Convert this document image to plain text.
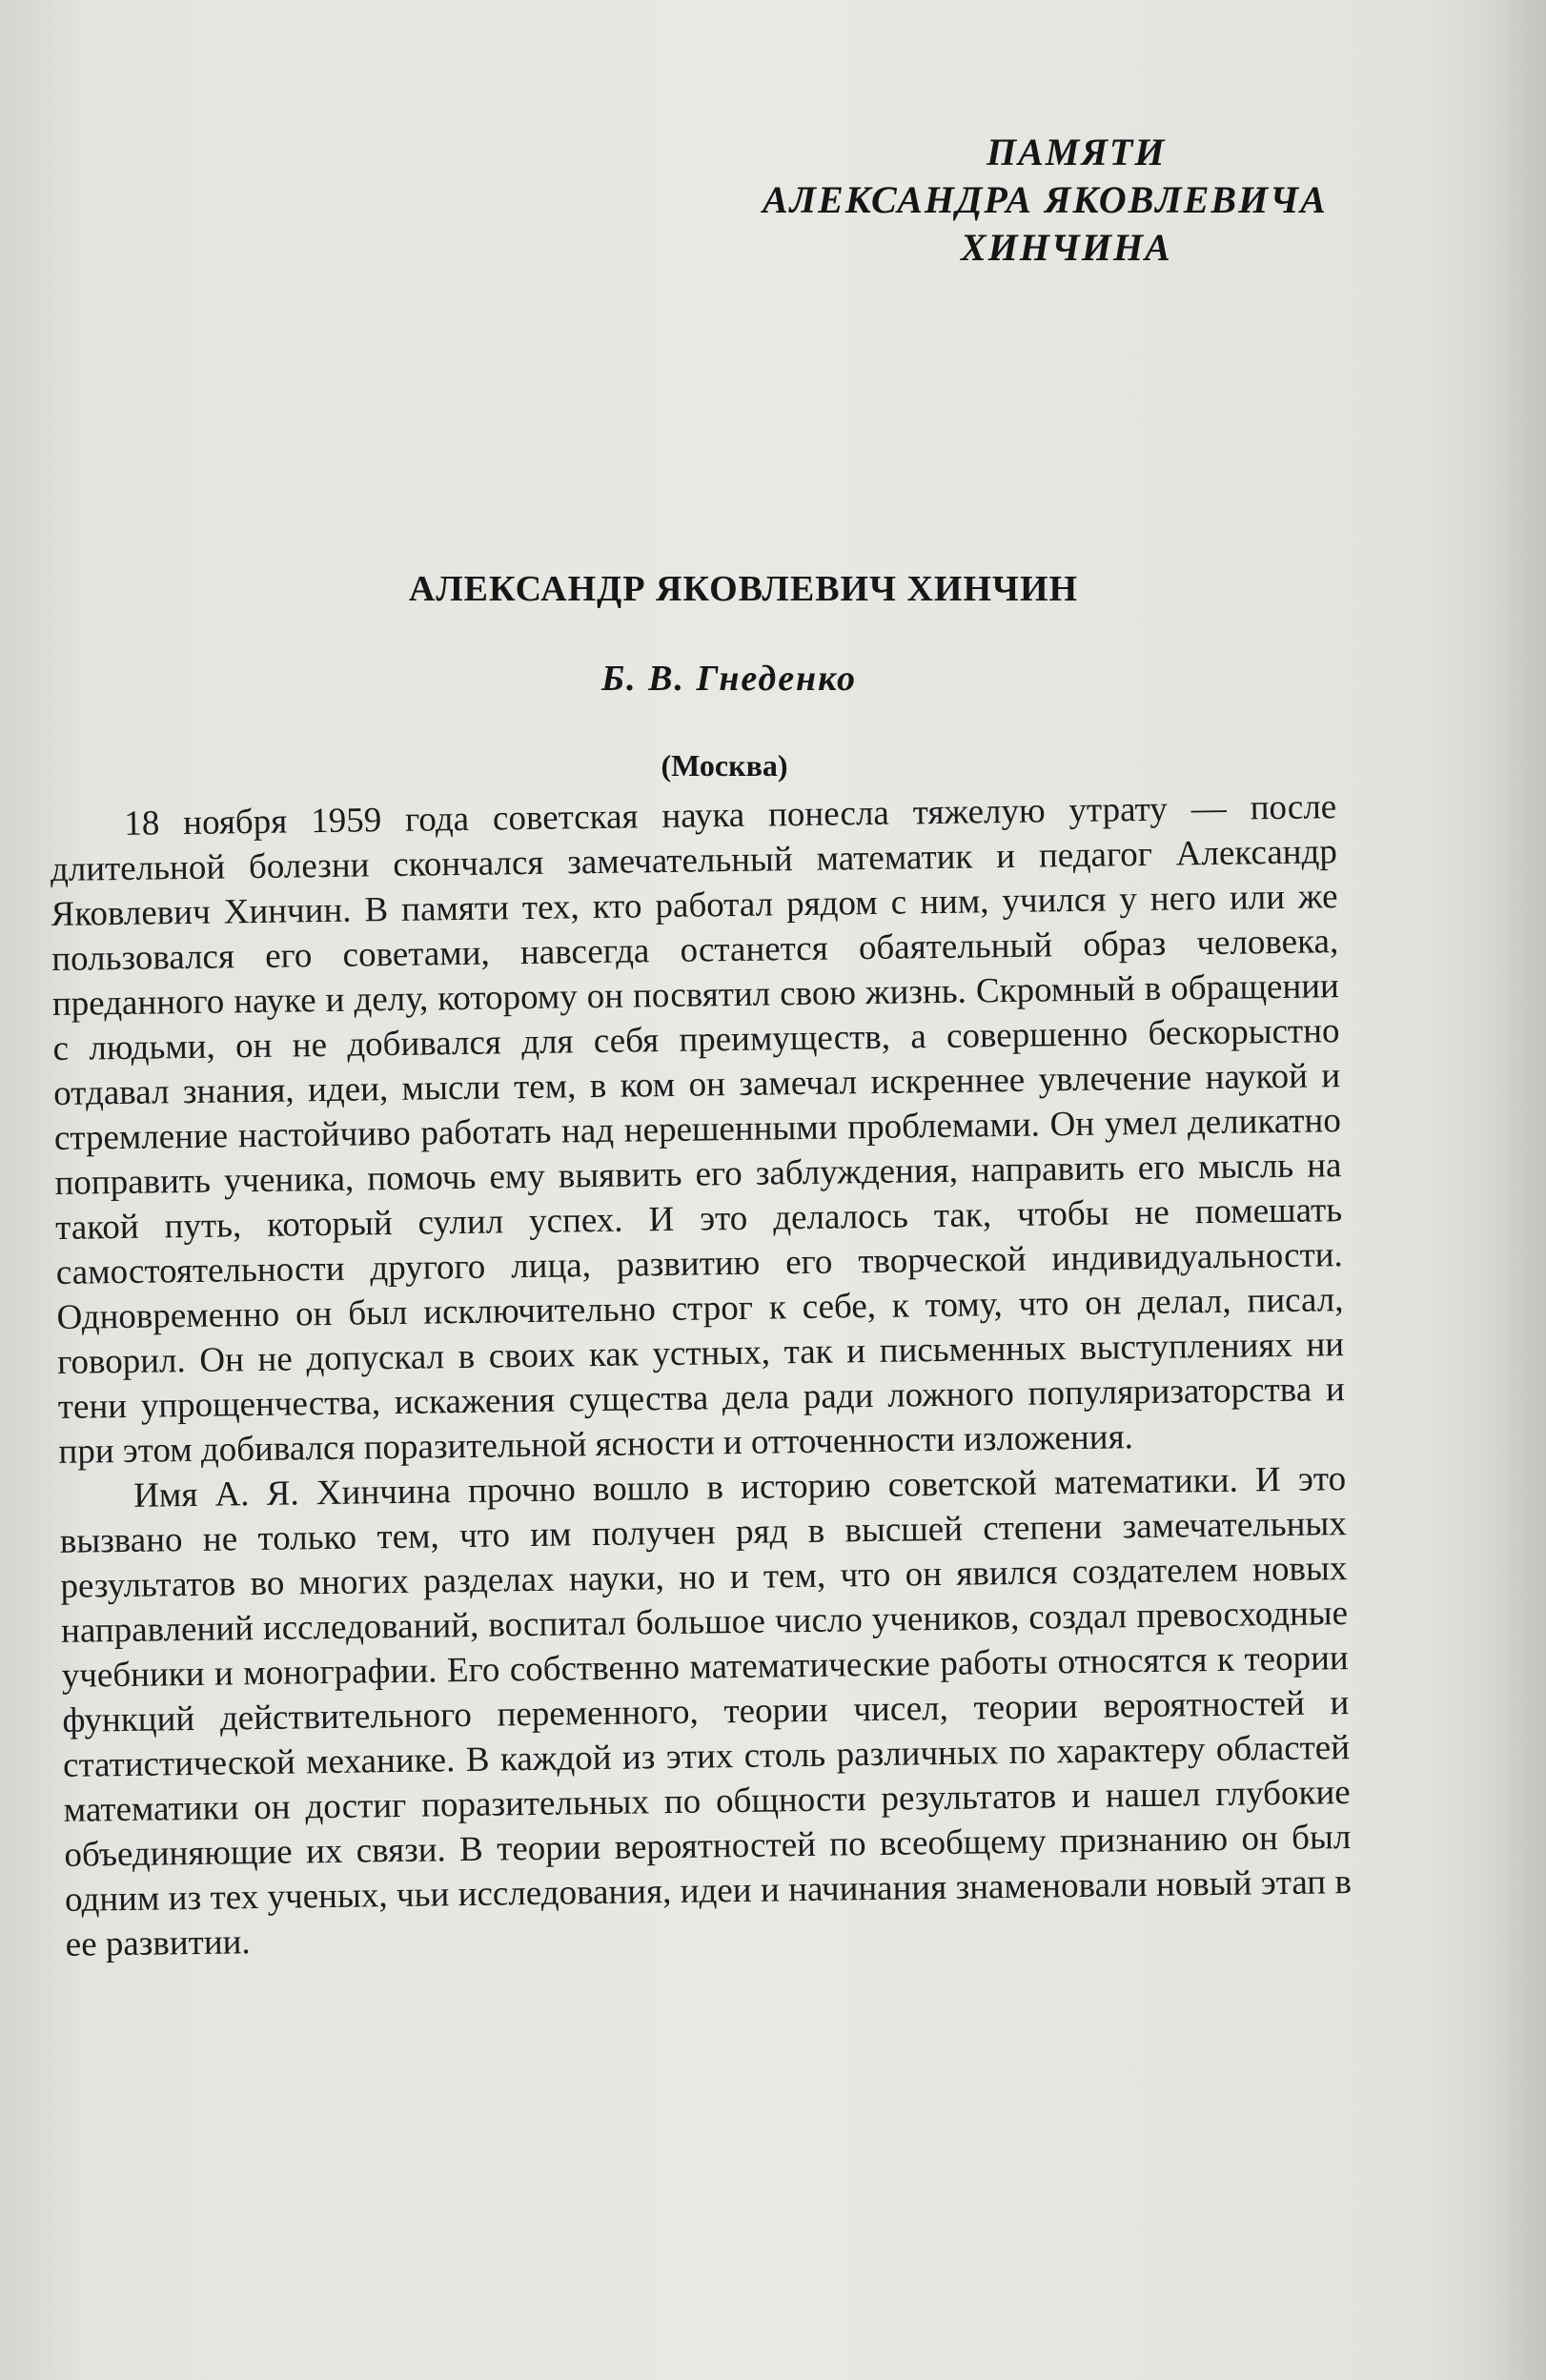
ПАМЯТИ
АЛЕКСАНДРА ЯКОВЛЕВИЧА
ХИНЧИНА
АЛЕКСАНДР ЯКОВЛЕВИЧ ХИНЧИН
Б. В. Гнеденко
(Москва)

18 ноября 1959 года советская наука понесла тяжелую утрату — после длительной болезни скончался замечательный математик и педагог Александр Яковлевич Хинчин. В памяти тех, кто работал рядом с ним, учился у него или же пользовался его советами, навсегда останется обаятельный образ человека, преданного науке и делу, которому он посвятил свою жизнь. Скромный в обращении с людьми, он не добивался для себя преимуществ, а совершенно бескорыстно отдавал знания, идеи, мысли тем, в ком он замечал искреннее увлечение наукой и стремление настойчиво работать над нерешенными проблемами. Он умел деликатно поправить ученика, помочь ему выявить его заблуждения, направить его мысль на такой путь, который сулил успех. И это делалось так, чтобы не помешать самостоятельности другого лица, развитию его творческой индивидуальности. Одновременно он был исключительно строг к себе, к тому, что он делал, писал, говорил. Он не допускал в своих как устных, так и письменных выступлениях ни тени упрощенчества, искажения существа дела ради ложного популяризаторства и при этом добивался поразительной ясности и отточенности изложения.

Имя А. Я. Хинчина прочно вошло в историю советской математики. И это вызвано не только тем, что им получен ряд в высшей степени замечательных результатов во многих разделах науки, но и тем, что он явился создателем новых направлений исследований, воспитал большое число учеников, создал превосходные учебники и монографии. Его собственно математические работы относятся к теории функций действительного переменного, теории чисел, теории вероятностей и статистической механике. В каждой из этих столь различных по характеру областей математики он достиг поразительных по общности результатов и нашел глубокие объединяющие их связи. В теории вероятностей по всеобщему признанию он был одним из тех ученых, чьи исследования, идеи и начинания знаменовали новый этап в ее развитии.
